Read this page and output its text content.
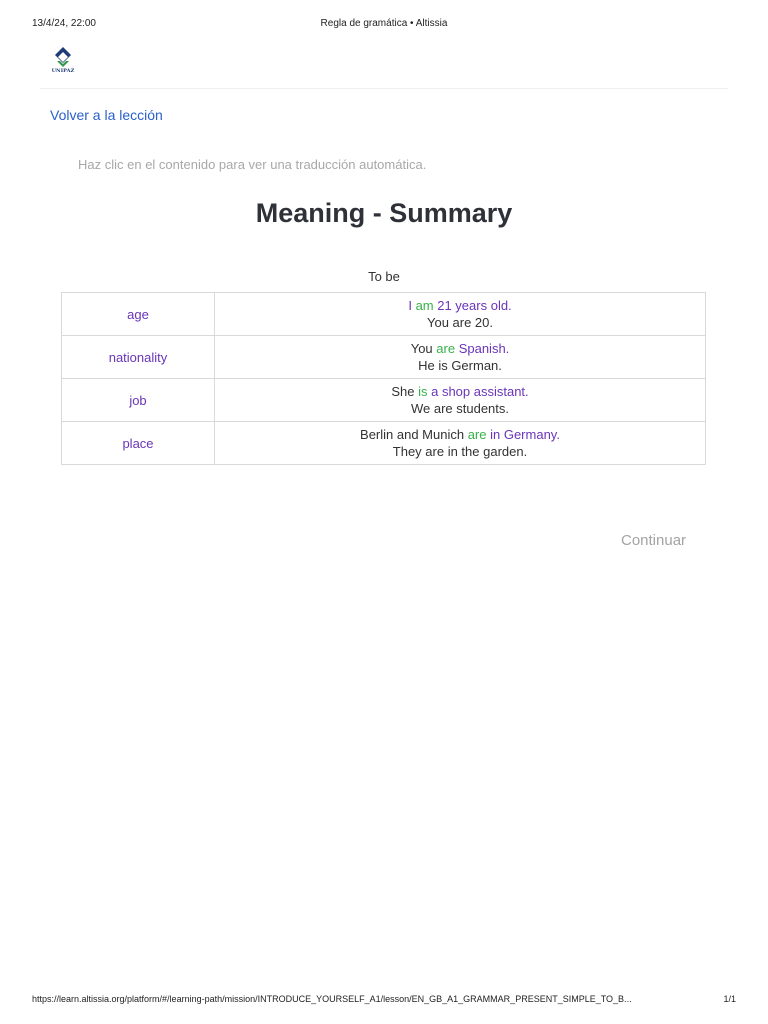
13/4/24, 22:00	Regla de gramática • Altissia
UNIPAZ
Volver a la lección
Haz clic en el contenido para ver una traducción automática.
Meaning - Summary
To be
age	I am 21 years old.
You are 20.

nationality	You are Spanish.
He is German.

job	She is a shop assistant.
We are students.

place	Berlin and Munich are in Germany.
They are in the garden.
Continuar
https://learn.altissia.org/platform/#/learning-path/mission/INTRODUCE_YOURSELF_A1/lesson/EN_GB_A1_GRAMMAR_PRESENT_SIMPLE_TO_B...	1/1
